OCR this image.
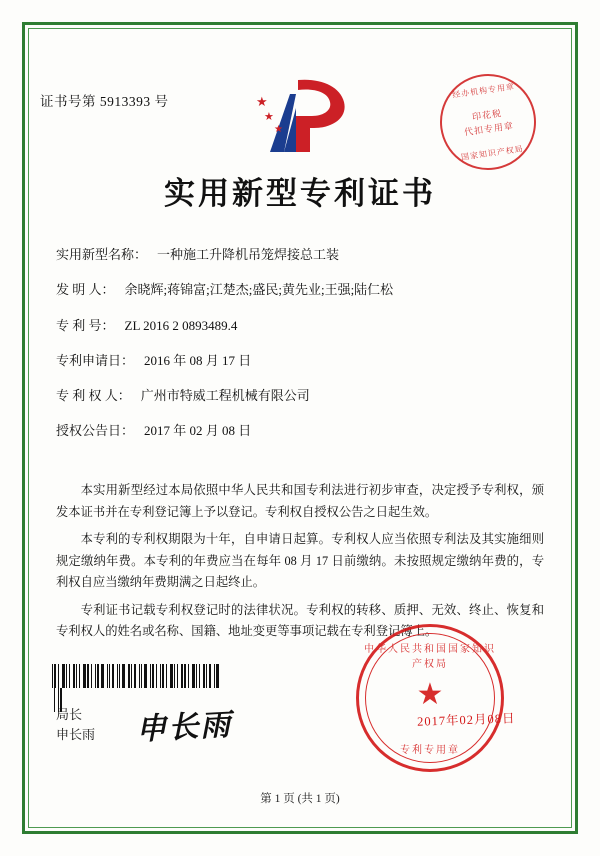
证书号第 5913393 号	★
★
★
经办机构专用章
印花税
代扣专用章
国家知识产权局
实用新型专利证书
实用新型名称： 一种施工升降机吊笼焊接总工装
发 明 人： 余晓辉;蒋锦富;江楚杰;盛民;黄先业;王强;陆仁松
专 利 号： ZL 2016 2 0893489.4
专利申请日： 2016 年 08 月 17 日
专 利 权 人： 广州市特威工程机械有限公司
授权公告日： 2017 年 02 月 08 日

本实用新型经过本局依照中华人民共和国专利法进行初步审查，决定授予专利权，颁发本证书并在专利登记簿上予以登记。专利权自授权公告之日起生效。

本专利的专利权期限为十年，自申请日起算。专利权人应当依照专利法及其实施细则规定缴纳年费。本专利的年费应当在每年 08 月 17 日前缴纳。未按照规定缴纳年费的，专利权自应当缴纳年费期满之日起终止。

专利证书记载专利权登记时的法律状况。专利权的转移、质押、无效、终止、恢复和专利权人的姓名或名称、国籍、地址变更等事项记载在专利登记簿上。

局长
申长雨 申长雨
中华人民共和国国家知识产权局
★
专利专用章
2017年02月08日
第 1 页 (共 1 页)
